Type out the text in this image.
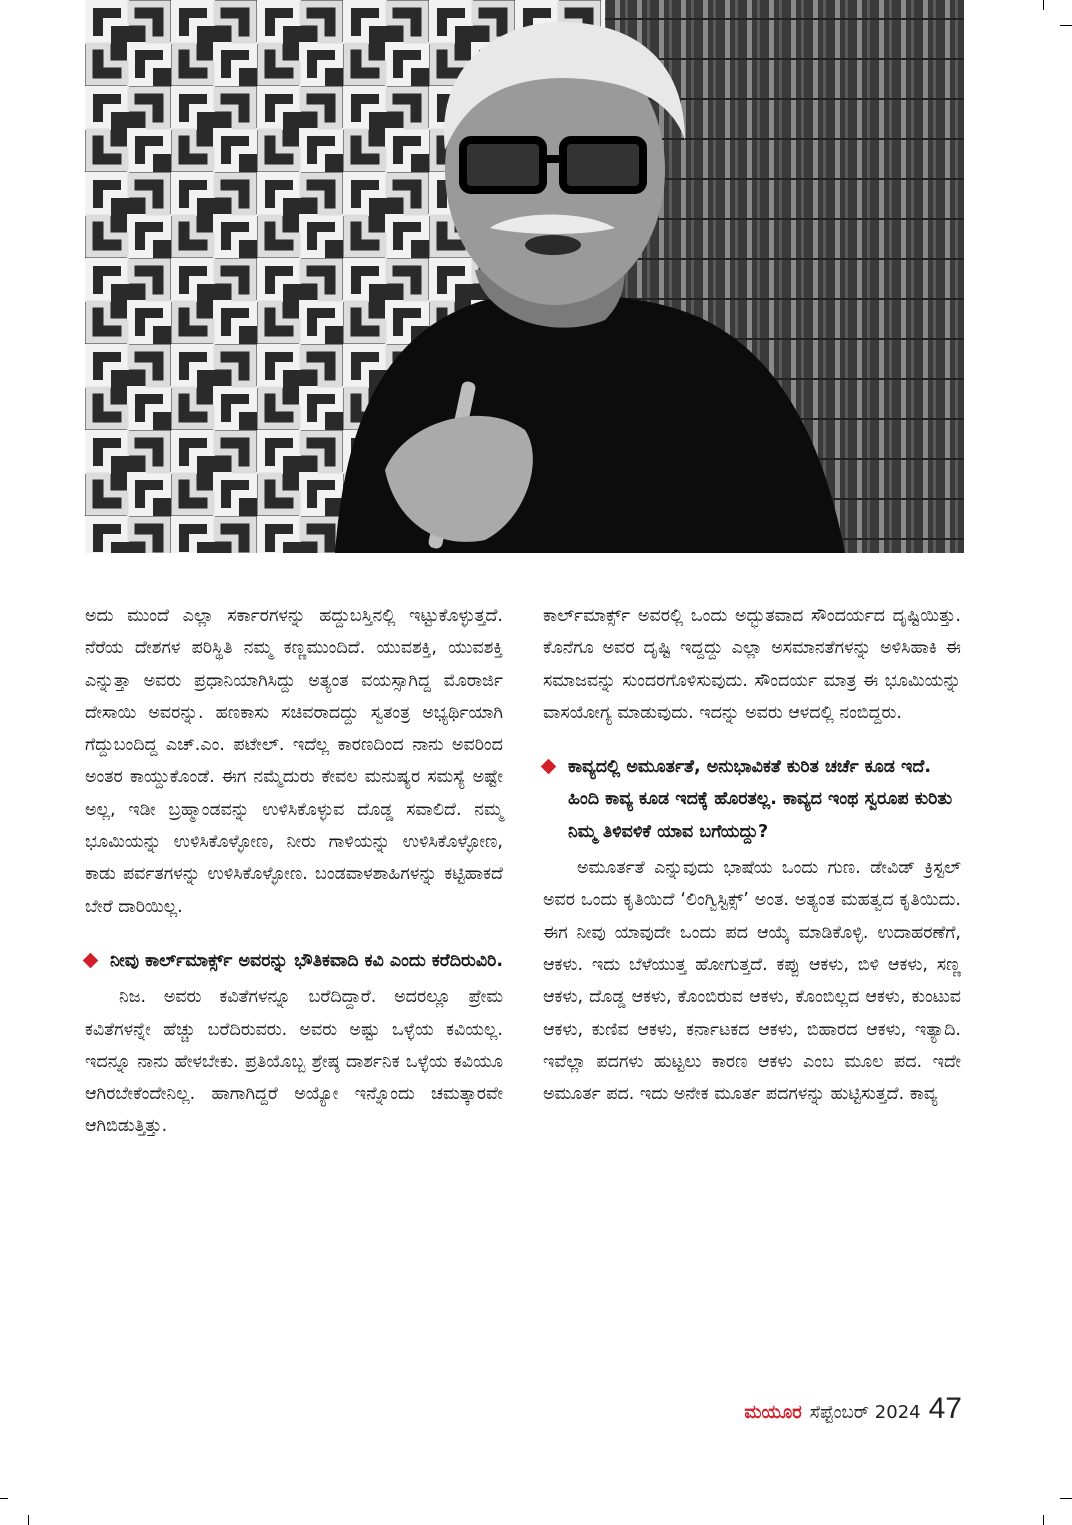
ಅದು ಮುಂದೆ ಎಲ್ಲಾ ಸರ್ಕಾರಗಳನ್ನು ಹದ್ದುಬಸ್ತಿನಲ್ಲಿ ಇಟ್ಟುಕೊಳ್ಳುತ್ತದೆ. ನೆರೆಯ ದೇಶಗಳ ಪರಿಸ್ಥಿತಿ ನಮ್ಮ ಕಣ್ಣಮುಂದಿದೆ. ಯುವಶಕ್ತಿ, ಯುವಶಕ್ತಿ ಎನ್ನುತ್ತಾ ಅವರು ಪ್ರಧಾನಿಯಾಗಿಸಿದ್ದು ಅತ್ಯಂತ ವಯಸ್ಸಾಗಿದ್ದ ಮೊರಾರ್ಜಿ ದೇಸಾಯಿ ಅವರನ್ನು. ಹಣಕಾಸು ಸಚಿವರಾದದ್ದು ಸ್ವತಂತ್ರ ಅಭ್ಯರ್ಥಿಯಾಗಿ ಗೆದ್ದುಬಂದಿದ್ದ ಎಚ್.ಎಂ. ಪಟೇಲ್. ಇದೆಲ್ಲ ಕಾರಣದಿಂದ ನಾನು ಅವರಿಂದ ಅಂತರ ಕಾಯ್ದುಕೊಂಡೆ. ಈಗ ನಮ್ಮೆದುರು ಕೇವಲ ಮನುಷ್ಯರ ಸಮಸ್ಯೆ ಅಷ್ಟೇ ಅಲ್ಲ, ಇಡೀ ಬ್ರಹ್ಮಾಂಡವನ್ನು ಉಳಿಸಿಕೊಳ್ಳುವ ದೊಡ್ಡ ಸವಾಲಿದೆ. ನಮ್ಮ ಭೂಮಿಯನ್ನು ಉಳಿಸಿಕೊಳ್ಳೋಣ, ನೀರು ಗಾಳಿಯನ್ನು ಉಳಿಸಿಕೊಳ್ಳೋಣ, ಕಾಡು ಪರ್ವತಗಳನ್ನು ಉಳಿಸಿಕೊಳ್ಳೋಣ. ಬಂಡವಾಳಶಾಹಿಗಳನ್ನು ಕಟ್ಟಿಹಾಕದೆ ಬೇರೆ ದಾರಿಯಿಲ್ಲ.

ನೀವು ಕಾರ್ಲ್‌ಮಾರ್ಕ್ಸ್ ಅವರನ್ನು ಭೌತಿಕವಾದಿ ಕವಿ ಎಂದು ಕರೆದಿರುವಿರಿ.

ನಿಜ. ಅವರು ಕವಿತೆಗಳನ್ನೂ ಬರೆದಿದ್ದಾರೆ. ಅದರಲ್ಲೂ ಪ್ರೇಮ ಕವಿತೆಗಳನ್ನೇ ಹೆಚ್ಚು ಬರೆದಿರುವರು. ಅವರು ಅಷ್ಟು ಒಳ್ಳೆಯ ಕವಿಯಲ್ಲ. ಇದನ್ನೂ ನಾನು ಹೇಳಬೇಕು. ಪ್ರತಿಯೊಬ್ಬ ಶ್ರೇಷ್ಠ ದಾರ್ಶನಿಕ ಒಳ್ಳೆಯ ಕವಿಯೂ ಆಗಿರಬೇಕೆಂದೇನಿಲ್ಲ. ಹಾಗಾಗಿದ್ದರೆ ಅಯ್ಯೋ ಇನ್ನೊಂದು ಚಮತ್ಕಾರವೇ ಆಗಿಬಿಡುತ್ತಿತ್ತು.

ಕಾರ್ಲ್‌ಮಾರ್ಕ್ಸ್ ಅವರಲ್ಲಿ ಒಂದು ಅದ್ಭುತವಾದ ಸೌಂದರ್ಯದ ದೃಷ್ಟಿಯಿತ್ತು. ಕೊನೆಗೂ ಅವರ ದೃಷ್ಟಿ ಇದ್ದದ್ದು ಎಲ್ಲಾ ಅಸಮಾನತೆಗಳನ್ನು ಅಳಿಸಿಹಾಕಿ ಈ ಸಮಾಜವನ್ನು ಸುಂದರಗೊಳಿಸುವುದು. ಸೌಂದರ್ಯ ಮಾತ್ರ ಈ ಭೂಮಿಯನ್ನು ವಾಸಯೋಗ್ಯ ಮಾಡುವುದು. ಇದನ್ನು ಅವರು ಆಳದಲ್ಲಿ ನಂಬಿದ್ದರು.

ಕಾವ್ಯದಲ್ಲಿ ಅಮೂರ್ತತೆ, ಅನುಭಾವಿಕತೆ ಕುರಿತ ಚರ್ಚೆ ಕೂಡ ಇದೆ. ಹಿಂದಿ ಕಾವ್ಯ ಕೂಡ ಇದಕ್ಕೆ ಹೊರತಲ್ಲ. ಕಾವ್ಯದ ಇಂಥ ಸ್ವರೂಪ ಕುರಿತು ನಿಮ್ಮ ತಿಳಿವಳಿಕೆ ಯಾವ ಬಗೆಯದ್ದು?

ಅಮೂರ್ತತೆ ಎನ್ನುವುದು ಭಾಷೆಯ ಒಂದು ಗುಣ. ಡೇವಿಡ್ ಕ್ರಿಸ್ಟಲ್ ಅವರ ಒಂದು ಕೃತಿಯಿದೆ ‘ಲಿಂಗ್ವಿಸ್ಟಿಕ್ಸ್’ ಅಂತ. ಅತ್ಯಂತ ಮಹತ್ವದ ಕೃತಿಯಿದು. ಈಗ ನೀವು ಯಾವುದೇ ಒಂದು ಪದ ಆಯ್ಕೆ ಮಾಡಿಕೊಳ್ಳಿ. ಉದಾಹರಣೆಗೆ, ಆಕಳು. ಇದು ಬೆಳೆಯುತ್ತ ಹೋಗುತ್ತದೆ. ಕಪ್ಪು ಆಕಳು, ಬಿಳಿ ಆಕಳು, ಸಣ್ಣ ಆಕಳು, ದೊಡ್ಡ ಆಕಳು, ಕೊಂಬಿರುವ ಆಕಳು, ಕೊಂಬಿಲ್ಲದ ಆಕಳು, ಕುಂಟುವ ಆಕಳು, ಕುಣಿವ ಆಕಳು, ಕರ್ನಾಟಕದ ಆಕಳು, ಬಿಹಾರದ ಆಕಳು, ಇತ್ಯಾದಿ. ಇವೆಲ್ಲಾ ಪದಗಳು ಹುಟ್ಟಲು ಕಾರಣ ಆಕಳು ಎಂಬ ಮೂಲ ಪದ. ಇದೇ ಅಮೂರ್ತ ಪದ. ಇದು ಅನೇಕ ಮೂರ್ತ ಪದಗಳನ್ನು ಹುಟ್ಟಿಸುತ್ತದೆ. ಕಾವ್ಯ

ಮಯೂರ ಸೆಪ್ಟೆಂಬರ್ 2024 47
